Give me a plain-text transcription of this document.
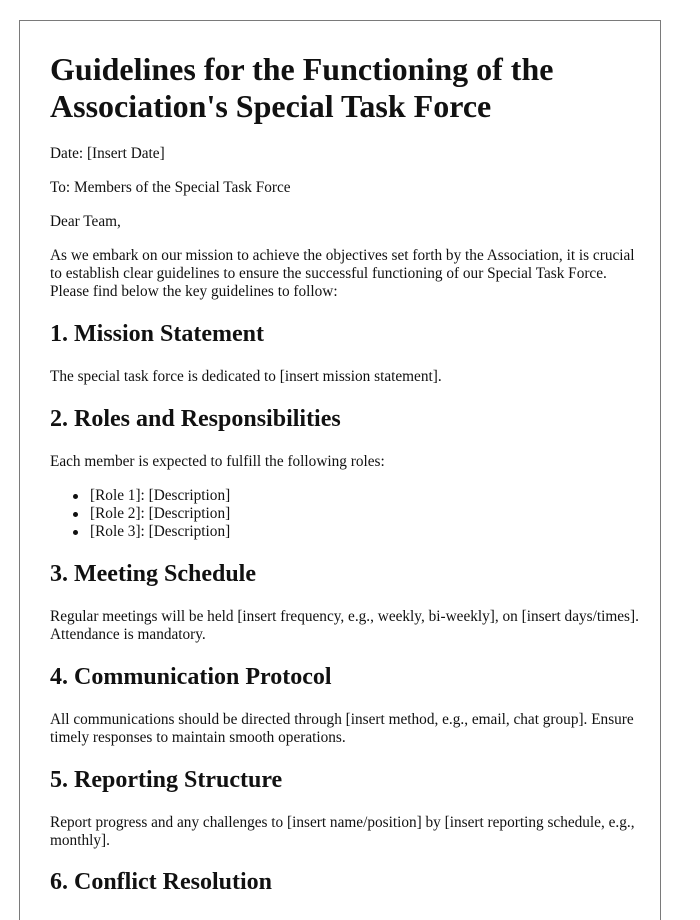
Guidelines for the Functioning of the Association's Special Task Force

Date: [Insert Date]

To: Members of the Special Task Force

Dear Team,

As we embark on our mission to achieve the objectives set forth by the Association, it is crucial to establish clear guidelines to ensure the successful functioning of our Special Task Force. Please find below the key guidelines to follow:

1. Mission Statement

The special task force is dedicated to [insert mission statement].

2. Roles and Responsibilities

Each member is expected to fulfill the following roles:

[Role 1]: [Description]
[Role 2]: [Description]
[Role 3]: [Description]
3. Meeting Schedule

Regular meetings will be held [insert frequency, e.g., weekly, bi-weekly], on [insert days/times]. Attendance is mandatory.

4. Communication Protocol

All communications should be directed through [insert method, e.g., email, chat group]. Ensure timely responses to maintain smooth operations.

5. Reporting Structure

Report progress and any challenges to [insert name/position] by [insert reporting schedule, e.g., monthly].

6. Conflict Resolution
